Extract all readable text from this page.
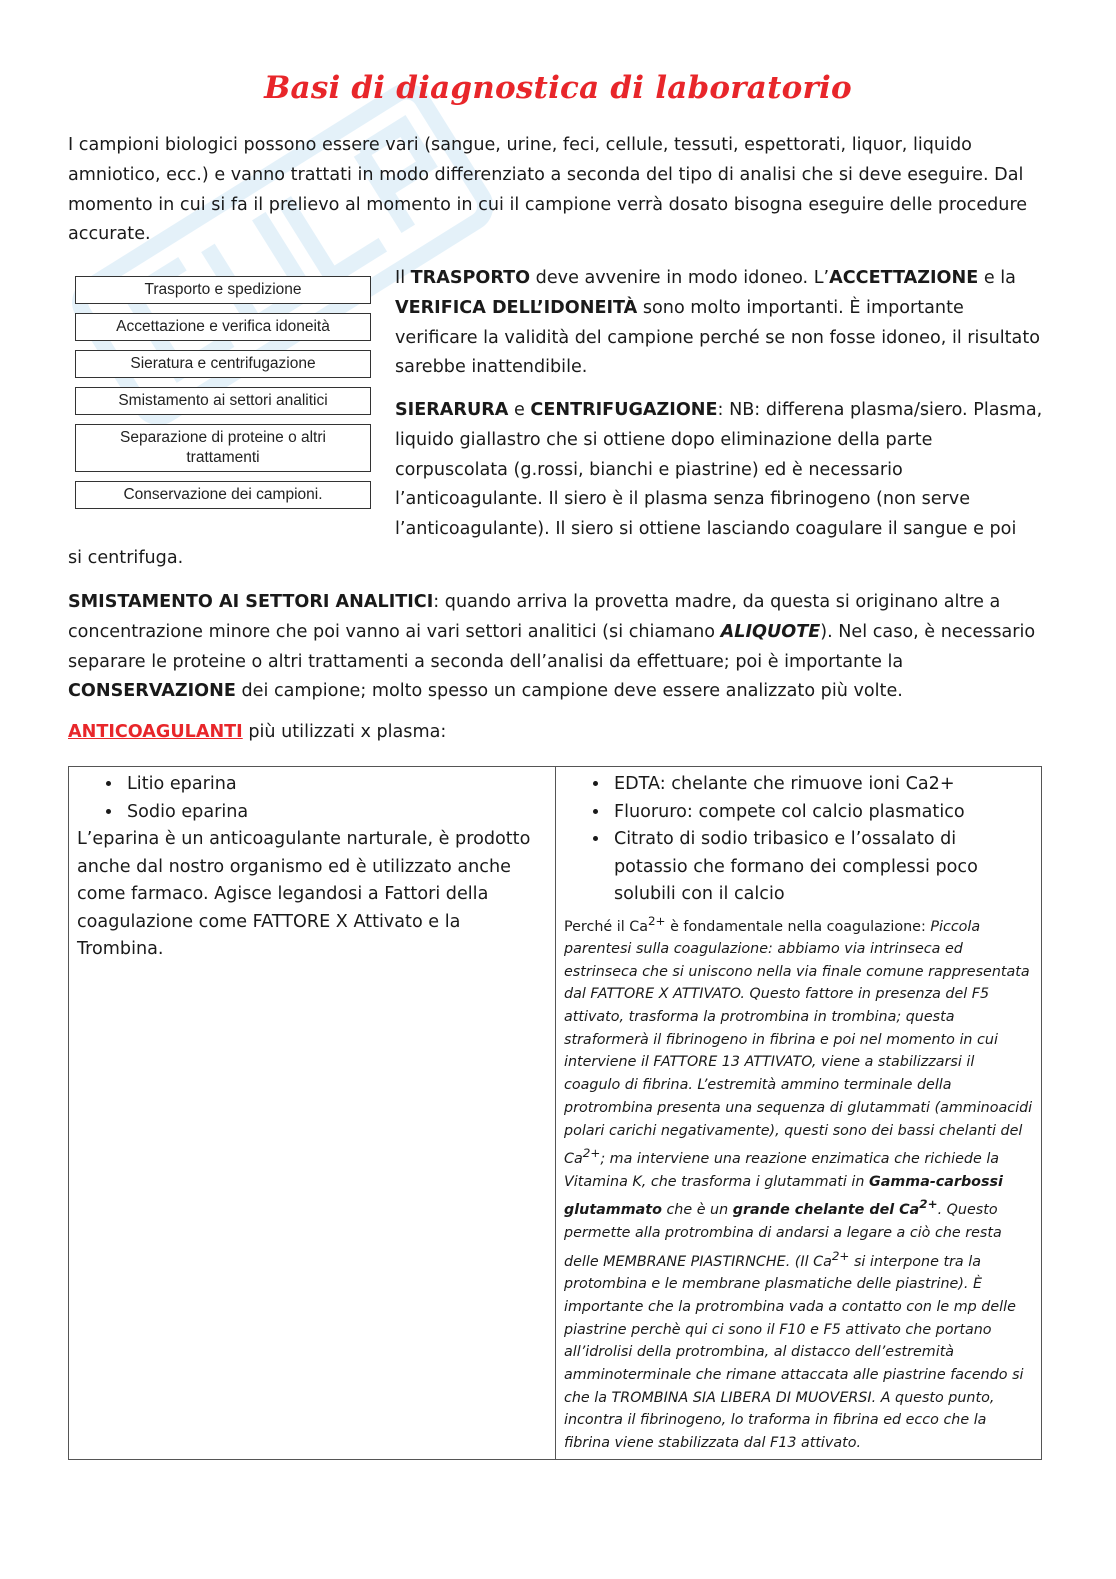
Basi di diagnostica di laboratorio

I campioni biologici possono essere vari (sangue, urine, feci, cellule, tessuti, espettorati, liquor, liquido amniotico, ecc.) e vanno trattati in modo differenziato a seconda del tipo di analisi che si deve eseguire. Dal momento in cui si fa il prelievo al momento in cui il campione verrà dosato bisogna eseguire delle procedure accurate.

Trasporto e spedizione
Accettazione e verifica idoneità
Sieratura e centrifugazione
Smistamento ai settori analitici
Separazione di proteine o altri trattamenti
Conservazione dei campioni.

Il TRASPORTO deve avvenire in modo idoneo. L’ACCETTAZIONE e la VERIFICA DELL’IDONEITÀ sono molto importanti. È importante verificare la validità del campione perché se non fosse idoneo, il risultato sarebbe inattendibile.

SIERARURA e CENTRIFUGAZIONE: NB: differena plasma/siero. Plasma, liquido giallastro che si ottiene dopo eliminazione della parte corpuscolata (g.rossi, bianchi e piastrine) ed è necessario l’anticoagulante. Il siero è il plasma senza fibrinogeno (non serve l’anticoagulante). Il siero si ottiene lasciando coagulare il sangue e poi

si centrifuga.

SMISTAMENTO AI SETTORI ANALITICI: quando arriva la provetta madre, da questa si originano altre a concentrazione minore che poi vanno ai vari settori analitici (si chiamano ALIQUOTE). Nel caso, è necessario separare le proteine o altri trattamenti a seconda dell’analisi da effettuare; poi è importante la CONSERVAZIONE dei campione; molto spesso un campione deve essere analizzato più volte.

ANTICOAGULANTI più utilizzati x plasma:

• Litio eparina
• Sodio eparina
L’eparina è un anticoagulante narturale, è prodotto anche dal nostro organismo ed è utilizzato anche come farmaco. Agisce legandosi a Fattori della coagulazione come FATTORE X Attivato e la Trombina.

• EDTA: chelante che rimuove ioni Ca2+
• Fluoruro: compete col calcio plasmatico
• Citrato di sodio tribasico e l’ossalato di potassio che formano dei complessi poco solubili con il calcio
Perché il $Ca^{2+}$ è fondamentale nella coagulazione: Piccola parentesi sulla coagulazione: abbiamo via intrinseca ed estrinseca che si uniscono nella via finale comune rappresentata dal FATTORE X ATTIVATO. Questo fattore in presenza del F5 attivato, trasforma la protrombina in trombina; questa straformerà il fibrinogeno in fibrina e poi nel momento in cui interviene il FATTORE 13 ATTIVATO, viene a stabilizzarsi il coagulo di fibrina. L’estremità ammino terminale della protrombina presenta una sequenza di glutammati (amminoacidi polari carichi negativamente), questi sono dei bassi chelanti del Ca$^{2+}$; ma interviene una reazione enzimatica che richiede la Vitamina K, che trasforma i glutammati in Gamma-carbossi glutammato che è un grande chelante del Ca$^{2+}$. Questo permette alla protrombina di andarsi a legare a ciò che resta delle MEMBRANE PIASTIRNCHE. (Il Ca$^{2+}$ si interpone tra la protombina e le membrane plasmatiche delle piastrine). È importante che la protrombina vada a contatto con le mp delle piastrine perchè qui ci sono il F10 e F5 attivato che portano all’idrolisi della protrombina, al distacco dell’estremità amminoterminale che rimane attaccata alle piastrine facendo si che la TROMBINA SIA LIBERA DI MUOVERSI. A questo punto, incontra il fibrinogeno, lo traforma in fibrina ed ecco che la fibrina viene stabilizzata dal F13 attivato.
